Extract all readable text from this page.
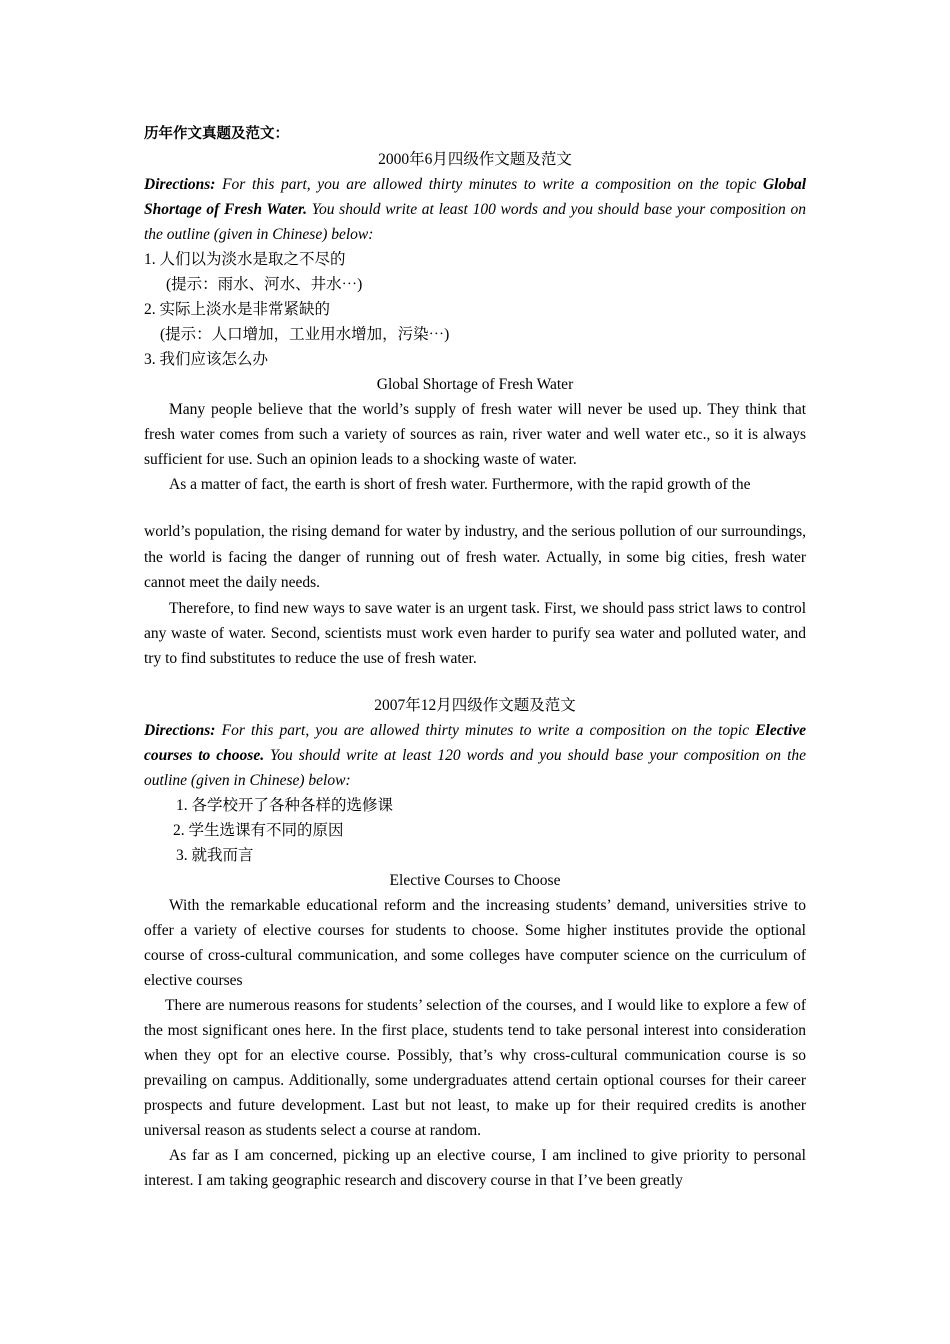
历年作文真题及范文：

2000年6月四级作文题及范文

Directions: For this part, you are allowed thirty minutes to write a composition on the topic Global Shortage of Fresh Water. You should write at least 100 words and you should base your composition on the outline (given in Chinese) below:

1. 人们以为淡水是取之不尽的

(提示：雨水、河水、井水⋯)

2. 实际上淡水是非常紧缺的

(提示：人口增加，工业用水增加，污染⋯)

3. 我们应该怎么办

Global Shortage of Fresh Water

Many people believe that the world’s supply of fresh water will never be used up. They think that fresh water comes from such a variety of sources as rain, river water and well water etc., so it is always sufficient for use. Such an opinion leads to a shocking waste of water.

As a matter of fact, the earth is short of fresh water. Furthermore, with the rapid growth of the

world’s population, the rising demand for water by industry, and the serious pollution of our surroundings, the world is facing the danger of running out of fresh water. Actually, in some big cities, fresh water cannot meet the daily needs.

Therefore, to find new ways to save water is an urgent task. First, we should pass strict laws to control any waste of water. Second, scientists must work even harder to purify sea water and polluted water, and try to find substitutes to reduce the use of fresh water.

2007年12月四级作文题及范文

Directions: For this part, you are allowed thirty minutes to write a composition on the topic Elective courses to choose. You should write at least 120 words and you should base your composition on the outline (given in Chinese) below:

1. 各学校开了各种各样的选修课

2. 学生选课有不同的原因

3. 就我而言

Elective Courses to Choose

With the remarkable educational reform and the increasing students’ demand, universities strive to offer a variety of elective courses for students to choose. Some higher institutes provide the optional course of cross-cultural communication, and some colleges have computer science on the curriculum of elective courses

There are numerous reasons for students’ selection of the courses, and I would like to explore a few of the most significant ones here. In the first place, students tend to take personal interest into consideration when they opt for an elective course. Possibly, that’s why cross-cultural communication course is so prevailing on campus. Additionally, some undergraduates attend certain optional courses for their career prospects and future development. Last but not least, to make up for their required credits is another universal reason as students select a course at random.

As far as I am concerned, picking up an elective course, I am inclined to give priority to personal interest. I am taking geographic research and discovery course in that I’ve been greatly
